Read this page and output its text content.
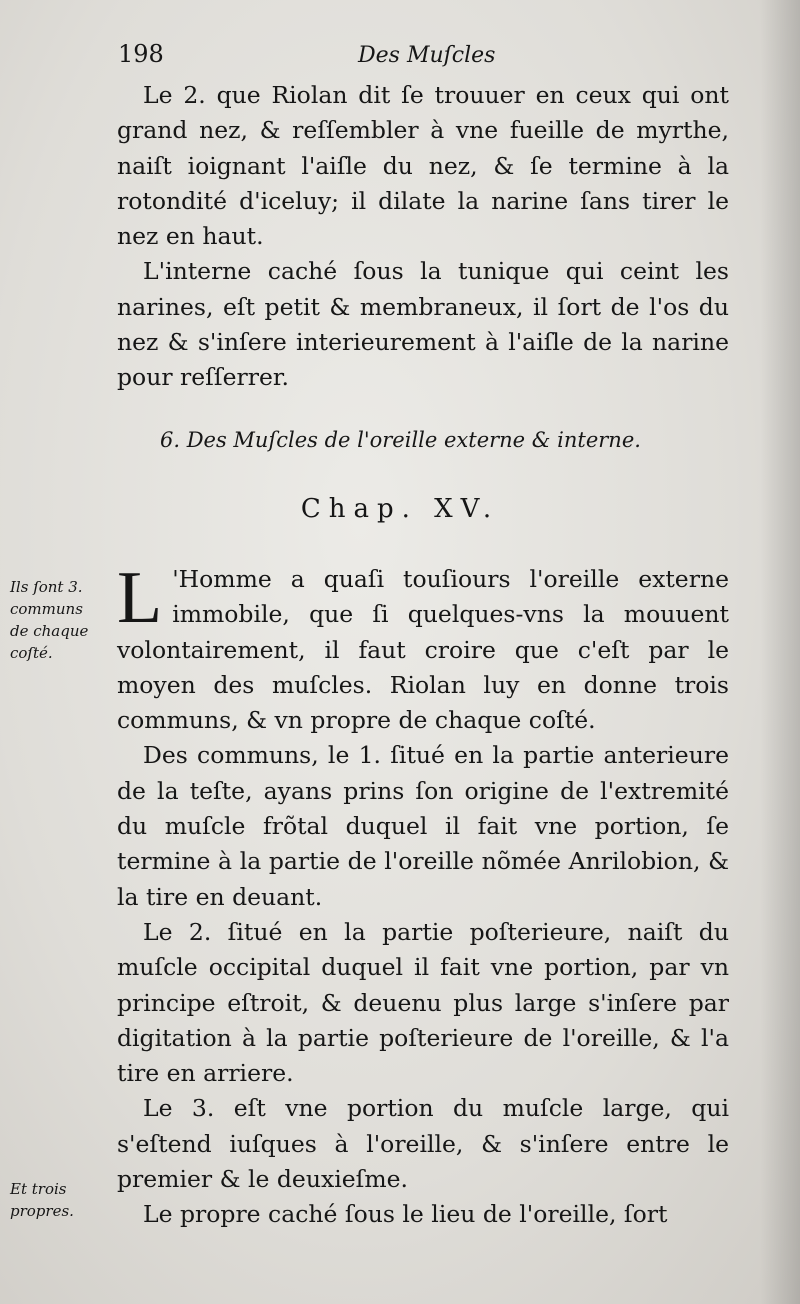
198	Des Muſcles

Le 2. que Riolan dit ſe trouuer en ceux qui ont grand nez, & reſſembler à vne fueille de myrthe, naiſt ioignant l'aiſle du nez, & ſe termine à la rotondité d'iceluy; il dilate la narine ſans tirer le nez en haut.

L'interne caché ſous la tunique qui ceint les narines, eſt petit & membraneux, il ſort de l'os du nez & s'inſere interieurement à l'aiſle de la narine pour reſſerrer.

6. Des Muſcles de l'oreille externe & interne.
Chap. XV.
Ils ſont 3.
communs
de chaque
coſté.
Et trois
propres.

L 'Homme a quaſi touſiours l'oreille externe immobile, que ſi quelques-vns la mouuent volontairement, il faut croire que c'eſt par le moyen des muſcles. Riolan luy en donne trois communs, & vn propre de chaque coſté.

Des communs, le 1. ſitué en la partie anterieure de la teſte, ayans prins ſon origine de l'extremité du muſcle frõtal duquel il fait vne portion, ſe termine à la partie de l'oreille nõmée Anrilobion, & la tire en deuant.

Le 2. ſitué en la partie poſterieure, naiſt du muſcle occipital duquel il fait vne portion, par vn principe eſtroit, & deuenu plus large s'inſere par digitation à la partie poſterieure de l'oreille, & l'a tire en arriere.

Le 3. eſt vne portion du muſcle large, qui s'eſtend iuſques à l'oreille, & s'inſere entre le premier & le deuxieſme.

Le propre caché ſous le lieu de l'oreille, ſort
